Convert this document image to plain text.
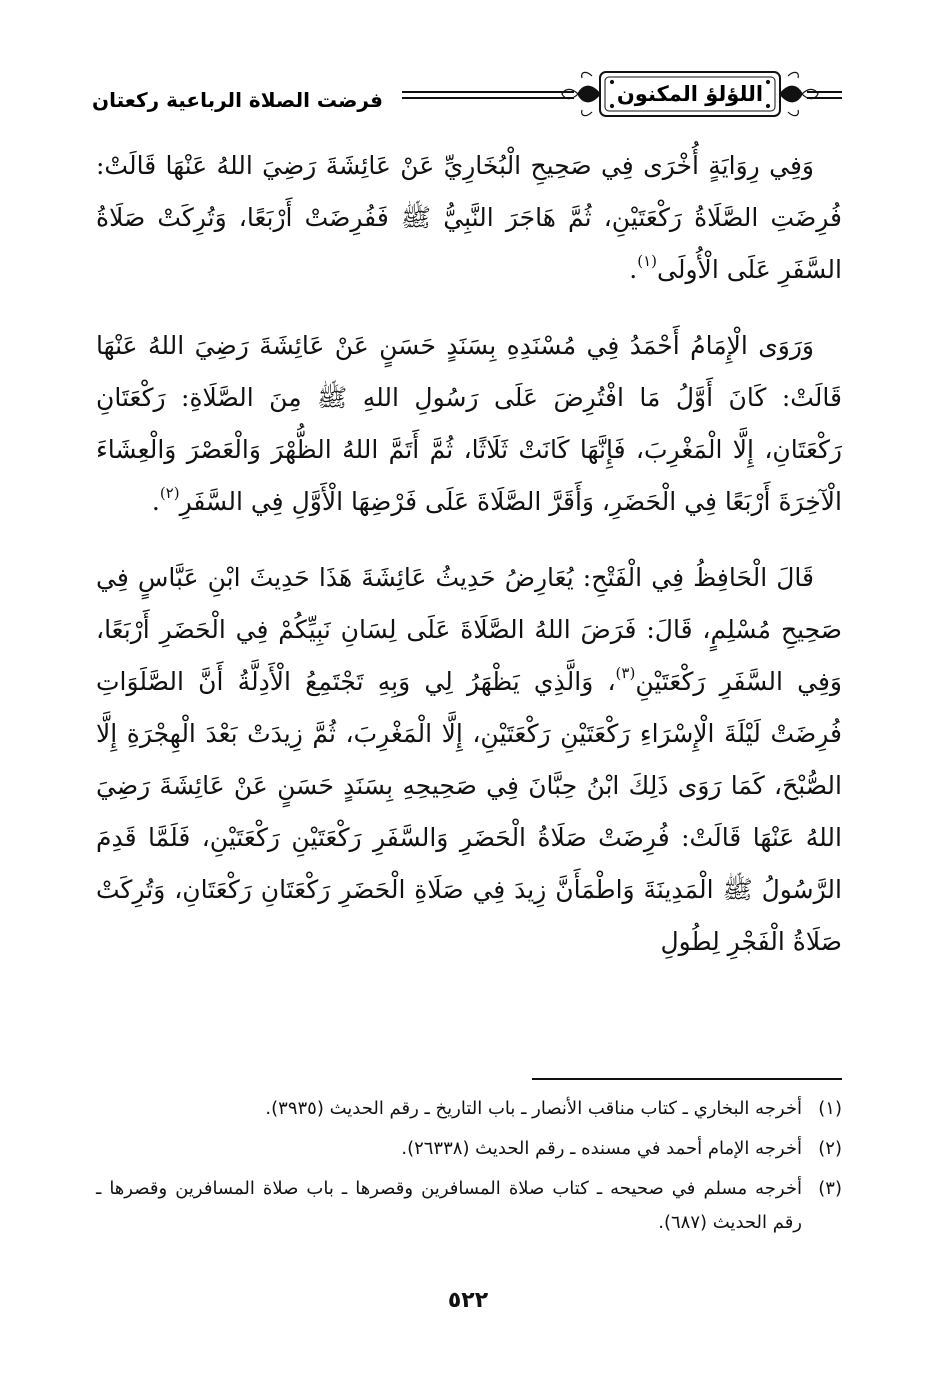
اللؤلؤ المكنون
فرضت الصلاة الرباعية ركعتان

وَفِي رِوَايَةٍ أُخْرَى فِي صَحِيحِ الْبُخَارِيِّ عَنْ عَائِشَةَ رَضِيَ اللهُ عَنْهَا قَالَتْ: فُرِضَتِ الصَّلَاةُ رَكْعَتَيْنِ، ثُمَّ هَاجَرَ النَّبِيُّ ﷺ فَفُرِضَتْ أَرْبَعًا، وَتُرِكَتْ صَلَاةُ السَّفَرِ عَلَى الْأُولَى$^{(١)}$.

وَرَوَى الْإِمَامُ أَحْمَدُ فِي مُسْنَدِهِ بِسَنَدٍ حَسَنٍ عَنْ عَائِشَةَ رَضِيَ اللهُ عَنْهَا قَالَتْ: كَانَ أَوَّلُ مَا افْتُرِضَ عَلَى رَسُولِ اللهِ ﷺ مِنَ الصَّلَاةِ: رَكْعَتَانِ رَكْعَتَانِ، إِلَّا الْمَغْرِبَ، فَإِنَّهَا كَانَتْ ثَلَاثًا، ثُمَّ أَتَمَّ اللهُ الظُّهْرَ وَالْعَصْرَ وَالْعِشَاءَ الْآخِرَةَ أَرْبَعًا فِي الْحَضَرِ، وَأَقَرَّ الصَّلَاةَ عَلَى فَرْضِهَا الْأَوَّلِ فِي السَّفَرِ$^{(٢)}$.

قَالَ الْحَافِظُ فِي الْفَتْحِ: يُعَارِضُ حَدِيثُ عَائِشَةَ هَذَا حَدِيثَ ابْنِ عَبَّاسٍ فِي صَحِيحِ مُسْلِمٍ، قَالَ: فَرَضَ اللهُ الصَّلَاةَ عَلَى لِسَانِ نَبِيِّكُمْ فِي الْحَضَرِ أَرْبَعًا، وَفِي السَّفَرِ رَكْعَتَيْنِ$^{(٣)}$، وَالَّذِي يَظْهَرُ لِي وَبِهِ تَجْتَمِعُ الْأَدِلَّةُ أَنَّ الصَّلَوَاتِ فُرِضَتْ لَيْلَةَ الْإِسْرَاءِ رَكْعَتَيْنِ رَكْعَتَيْنِ، إِلَّا الْمَغْرِبَ، ثُمَّ زِيدَتْ بَعْدَ الْهِجْرَةِ إِلَّا الصُّبْحَ، كَمَا رَوَى ذَلِكَ ابْنُ حِبَّانَ فِي صَحِيحِهِ بِسَنَدٍ حَسَنٍ عَنْ عَائِشَةَ رَضِيَ اللهُ عَنْهَا قَالَتْ: فُرِضَتْ صَلَاةُ الْحَضَرِ وَالسَّفَرِ رَكْعَتَيْنِ رَكْعَتَيْنِ، فَلَمَّا قَدِمَ الرَّسُولُ ﷺ الْمَدِينَةَ وَاطْمَأَنَّ زِيدَ فِي صَلَاةِ الْحَضَرِ رَكْعَتَانِ رَكْعَتَانِ، وَتُرِكَتْ صَلَاةُ الْفَجْرِ لِطُولِ

(١)
أخرجه البخاري ـ كتاب مناقب الأنصار ـ باب التاريخ ـ رقم الحديث (٣٩٣٥).
(٢)
أخرجه الإمام أحمد في مسنده ـ رقم الحديث (٢٦٣٣٨).
(٣)
أخرجه مسلم في صحيحه ـ كتاب صلاة المسافرين وقصرها ـ باب صلاة المسافرين وقصرها ـ رقم الحديث (٦٨٧).
٥٢٢
